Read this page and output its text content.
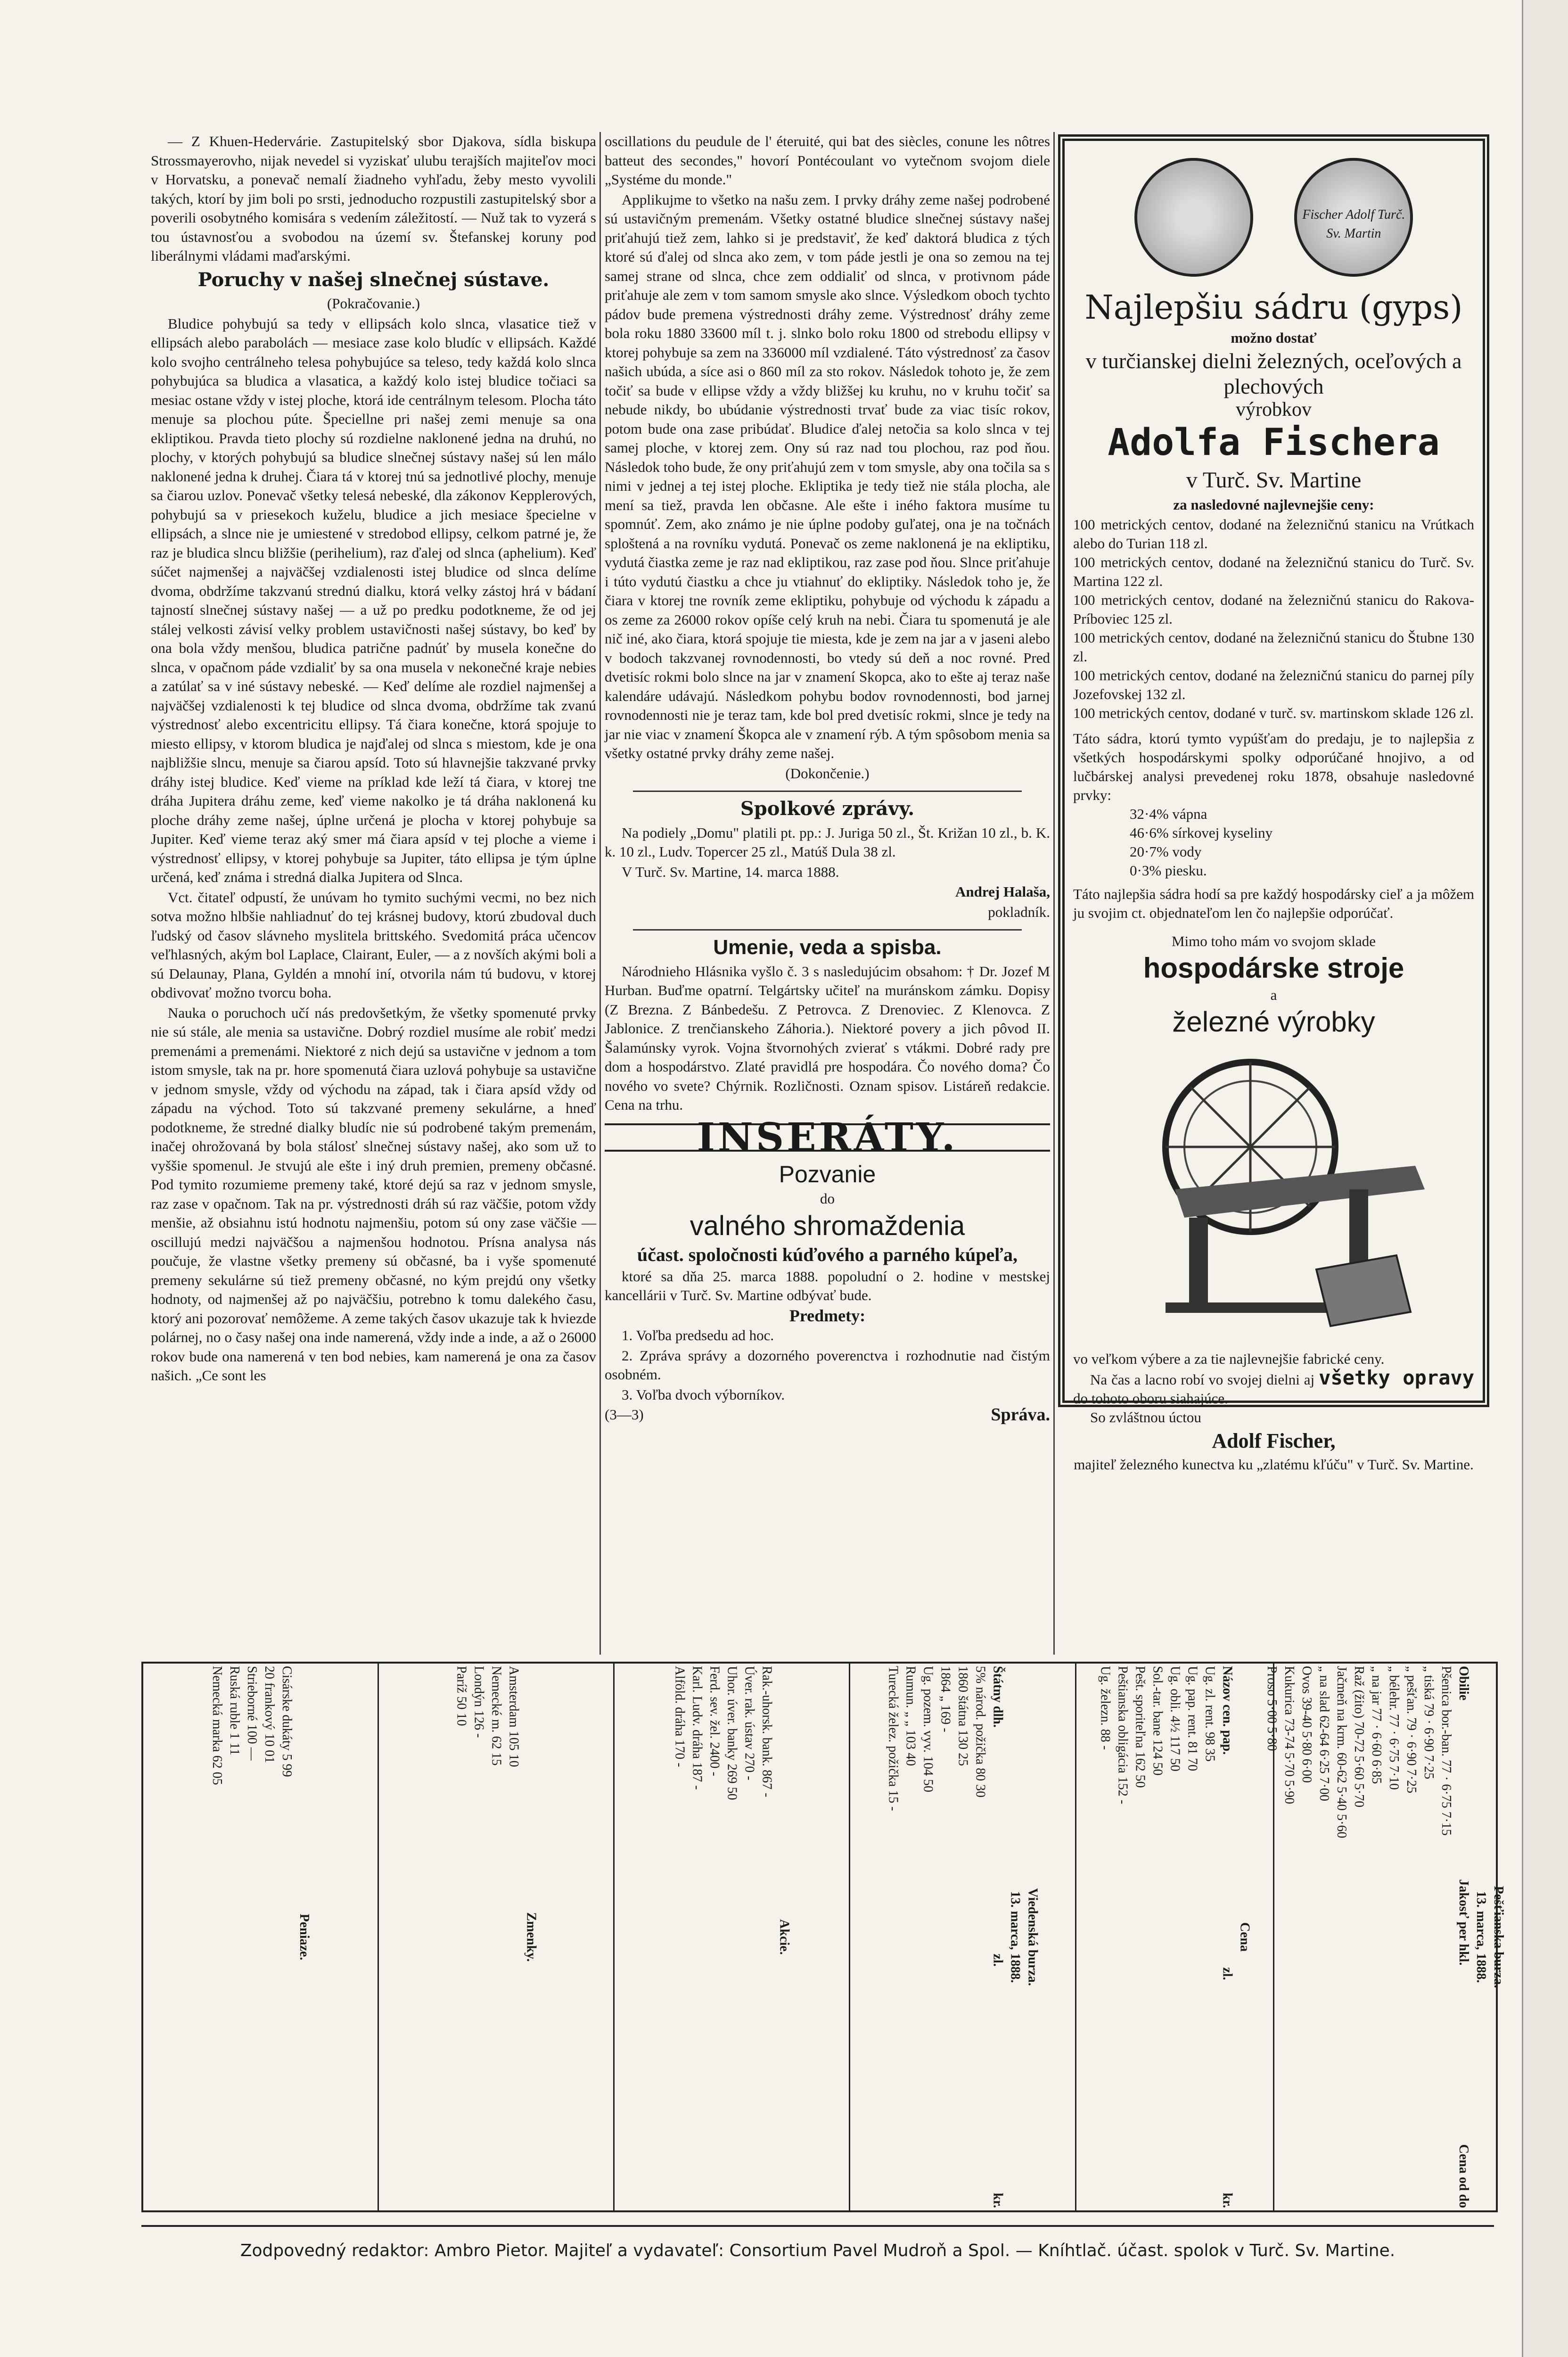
— Z Khuen-Hedervárie. Zastupitelský sbor Djakova, sídla biskupa Strossmayerovho, nijak nevedel si vyziskať ulubu terajších majiteľov moci v Horvatsku, a ponevač nemalí žiadneho vyhľadu, žeby mesto vyvolili takých, ktorí by jim boli po srsti, jednoducho rozpustili zastupitelský sbor a poverili osobytného komisára s vedením záležitostí. — Nuž tak to vyzerá s tou ústavnosťou a svobodou na území sv. Štefanskej koruny pod liberálnymi vládami maďarskými.

Poruchy v našej slnečnej sústave.

(Pokračovanie.)

Bludice pohybujú sa tedy v ellipsách kolo slnca, vlasatice tiež v ellipsách alebo parabolách — mesiace zase kolo bludíc v ellipsách. Každé kolo svojho centrálneho telesa pohybujúce sa teleso, tedy každá kolo slnca pohybujúca sa bludica a vlasatica, a každý kolo istej bludice točiaci sa mesiac ostane vždy v istej ploche, ktorá ide centrálnym telesom. Plocha táto menuje sa plochou púte. Špeciellne pri našej zemi menuje sa ona ekliptikou. Pravda tieto plochy sú rozdielne naklonené jedna na druhú, no plochy, v ktorých pohybujú sa bludice slnečnej sústavy našej sú len málo naklonené jedna k druhej. Čiara tá v ktorej tnú sa jednotlivé plochy, menuje sa čiarou uzlov. Ponevač všetky telesá nebeské, dla zákonov Kepplerových, pohybujú sa v priesekoch kuželu, bludice a jich mesiace špecielne v ellipsách, a slnce nie je umiestené v stredobod ellipsy, celkom patrné je, že raz je bludica slncu bližšie (perihelium), raz ďalej od slnca (aphelium). Keď súčet najmenšej a najväčšej vzdialenosti istej bludice od slnca delíme dvoma, obdržíme takzvanú strednú dialku, ktorá velky zástoj hrá v bádaní tajností slnečnej sústavy našej — a už po predku podotkneme, že od jej stálej velkosti závisí velky problem ustavičnosti našej sústavy, bo keď by ona bola vždy menšou, bludica patrične padnúť by musela konečne do slnca, v opačnom páde vzdialiť by sa ona musela v nekonečné kraje nebies a zatúlať sa v iné sústavy nebeské. — Keď delíme ale rozdiel najmenšej a najväčšej vzdialenosti k tej bludice od slnca dvoma, obdržíme tak zvanú výstrednosť alebo excentricitu ellipsy. Tá čiara konečne, ktorá spojuje to miesto ellipsy, v ktorom bludica je najďalej od slnca s miestom, kde je ona najbližšie slncu, menuje sa čiarou apsíd. Toto sú hlavnejšie takzvané prvky dráhy istej bludice. Keď vieme na príklad kde leží tá čiara, v ktorej tne dráha Jupitera dráhu zeme, keď vieme nakolko je tá dráha naklonená ku ploche dráhy zeme našej, úplne určená je plocha v ktorej pohybuje sa Jupiter. Keď vieme teraz aký smer má čiara apsíd v tej ploche a vieme i výstrednosť ellipsy, v ktorej pohybuje sa Jupiter, táto ellipsa je tým úplne určená, keď známa i stredná dialka Jupitera od Slnca.

Vct. čitateľ odpustí, že unúvam ho tymito suchými vecmi, no bez nich sotva možno hlbšie nahliadnuť do tej krásnej budovy, ktorú zbudoval duch ľudský od časov slávneho myslitela brittského. Svedomitá práca učencov veľhlasných, akým bol Laplace, Clairant, Euler, — a z novších akými boli a sú Delaunay, Plana, Gyldén a mnohí iní, otvorila nám tú budovu, v ktorej obdivovať možno tvorcu boha.

Nauka o poruchoch učí nás predovšetkým, že všetky spomenuté prvky nie sú stále, ale menia sa ustavične. Dobrý rozdiel musíme ale robiť medzi premenámi a premenámi. Niektoré z nich dejú sa ustavične v jednom a tom istom smysle, tak na pr. hore spomenutá čiara uzlová pohybuje sa ustavične v jednom smysle, vždy od východu na západ, tak i čiara apsíd vždy od západu na východ. Toto sú takzvané premeny sekulárne, a hneď podotkneme, že stredné dialky bludíc nie sú podrobené takým premenám, inačej ohrožovaná by bola stálosť slnečnej sústavy našej, ako som už to vyššie spomenul. Je stvujú ale ešte i iný druh premien, premeny občasné. Pod tymito rozumieme premeny také, ktoré dejú sa raz v jednom smysle, raz zase v opačnom. Tak na pr. výstrednosti dráh sú raz väčšie, potom vždy menšie, až obsiahnu istú hodnotu najmenšiu, potom sú ony zase väčšie — oscillujú medzi najväčšou a najmenšou hodnotou. Prísna analysa nás poučuje, že vlastne všetky premeny sú občasné, ba i vyše spomenuté premeny sekulárne sú tiež premeny občasné, no kým prejdú ony všetky hodnoty, od najmenšej až po najväčšiu, potrebno k tomu dalekého času, ktorý ani pozorovať nemôžeme. A zeme takých časov ukazuje tak k hviezde polárnej, no o časy našej ona inde namerená, vždy inde a inde, a až o 26000 rokov bude ona namerená v ten bod nebies, kam namerená je ona za časov našich. „Ce sont les

oscillations du peudule de l' éteruité, qui bat des siècles, conune les nôtres batteut des secondes," hovorí Pontécoulant vo vytečnom svojom diele „Systéme du monde."

Applikujme to všetko na našu zem. I prvky dráhy zeme našej podrobené sú ustavičným premenám. Všetky ostatné bludice slnečnej sústavy našej priťahujú tiež zem, lahko si je predstaviť, že keď daktorá bludica z tých ktoré sú ďalej od slnca ako zem, v tom páde jestli je ona so zemou na tej samej strane od slnca, chce zem oddialiť od slnca, v protivnom páde priťahuje ale zem v tom samom smysle ako slnce. Výsledkom oboch tychto pádov bude premena výstrednosti dráhy zeme. Výstrednosť dráhy zeme bola roku 1880 33600 míl t. j. slnko bolo roku 1800 od strebodu ellipsy v ktorej pohybuje sa zem na 336000 míl vzdialené. Táto výstrednosť za časov našich ubúda, a síce asi o 860 míl za sto rokov. Následok tohoto je, že zem točiť sa bude v ellipse vždy a vždy bližšej ku kruhu, no v kruhu točiť sa nebude nikdy, bo ubúdanie výstrednosti trvať bude za viac tisíc rokov, potom bude ona zase pribúdať. Bludice ďalej netočia sa kolo slnca v tej samej ploche, v ktorej zem. Ony sú raz nad tou plochou, raz pod ňou. Následok toho bude, že ony priťahujú zem v tom smysle, aby ona točila sa s nimi v jednej a tej istej ploche. Ekliptika je tedy tiež nie stála plocha, ale mení sa tiež, pravda len občasne. Ale ešte i iného faktora musíme tu spomnúť. Zem, ako známo je nie úplne podoby guľatej, ona je na točnách sploštená a na rovníku vydutá. Ponevač os zeme naklonená je na ekliptiku, vydutá čiastka zeme je raz nad ekliptikou, raz zase pod ňou. Slnce priťahuje i túto vydutú čiastku a chce ju vtiahnuť do ekliptiky. Následok toho je, že čiara v ktorej tne rovník zeme ekliptiku, pohybuje od východu k západu a os zeme za 26000 rokov opíše celý kruh na nebi. Čiara tu spomenutá je ale nič iné, ako čiara, ktorá spojuje tie miesta, kde je zem na jar a v jaseni alebo v bodoch takzvanej rovnodennosti, bo vtedy sú deň a noc rovné. Pred dvetisíc rokmi bolo slnce na jar v znamení Skopca, ako to ešte aj teraz naše kalendáre udávajú. Následkom pohybu bodov rovnodennosti, bod jarnej rovnodennosti nie je teraz tam, kde bol pred dvetisíc rokmi, slnce je tedy na jar nie viac v znamení Škopca ale v znamení rýb. A tým spôsobom menia sa všetky ostatné prvky dráhy zeme našej.

(Dokončenie.)

Spolkové zprávy.

Na podiely „Domu" platili pt. pp.: J. Juriga 50 zl., Št. Križan 10 zl., b. K. k. 10 zl., Ludv. Topercer 25 zl., Matúš Dula 38 zl.

V Turč. Sv. Martine, 14. marca 1888.

Andrej Halaša,

pokladník.

Umenie, veda a spisba.

Národnieho Hlásnika vyšlo č. 3 s nasledujúcim obsahom: † Dr. Jozef M Hurban. Buďme opatrní. Telgártsky učiteľ na muránskom zámku. Dopisy (Z Brezna. Z Bánbedešu. Z Petrovca. Z Drenoviec. Z Klenovca. Z Jablonice. Z trenčianskeho Záhoria.). Niektoré povery a jich pôvod II. Šalamúnsky vyrok. Vojna štvornohých zvierať s vtákmi. Dobré rady pre dom a hospodárstvo. Zlaté pravidlá pre hospodára. Čo nového doma? Čo nového vo svete? Chýrnik. Rozličnosti. Oznam spisov. Listáreň redakcie. Cena na trhu.

INSERÁTY.

Pozvanie

do

valného shromaždenia

účast. spoločnosti kúďového a parného kúpeľa,

ktoré sa dňa 25. marca 1888. popoludní o 2. hodine v mestskej kancellárii v Turč. Sv. Martine odbývať bude.

Predmety:

1. Voľba predsedu ad hoc.

2. Zpráva správy a dozorného poverenctva i rozhodnutie nad čistým osobném.

3. Voľba dvoch výborníkov.

(3—3)	Správa.

Fischer Adolf Turč. Sv. Martin
Najlepšiu sádru (gyps)
možno dostať
v turčianskej dielni železných, oceľových a plechových
výrobkov
Adolfa Fischera
v Turč. Sv. Martine
za nasledovné najlevnejšie ceny:
100 metrických centov, dodané na železničnú stanicu na Vrútkach alebo do Turian 118 zl.
100 metrických centov, dodané na železničnú stanicu do Turč. Sv. Martina 122 zl.
100 metrických centov, dodané na železničnú stanicu do Rakova-Príboviec 125 zl.
100 metrických centov, dodané na železničnú stanicu do Štubne 130 zl.
100 metrických centov, dodané na železničnú stanicu do parnej píly Jozefovskej 132 zl.
100 metrických centov, dodané v turč. sv. martinskom sklade 126 zl.
Táto sádra, ktorú tymto vypúšťam do predaju, je to najlepšia z všetkých hospodárskymi spolky odporúčané hnojivo, a od lučbárskej analysi prevedenej roku 1878, obsahuje nasledovné prvky:
32·4% vápna
46·6% sírkovej kyseliny
20·7% vody
0·3% piesku.
Táto najlepšia sádra hodí sa pre každý hospodársky cieľ a ja môžem ju svojim ct. objednateľom len čo najlepšie odporúčať.
Mimo toho mám vo svojom sklade
hospodárske stroje
a
železné výrobky
vo veľkom výbere a za tie najlevnejšie fabrické ceny.
Na čas a lacno robí vo svojej dielni aj všetky opravy do tohoto oboru siahajúce.
So zvláštnou úctou
Adolf Fischer,
majiteľ železného kunectva ku „zlatému kľúču" v Turč. Sv. Martine.
Pešťianska burza.
13. marca, 1888.
Obilie
Jakosť per hkl.
Cena od do
Pšenica bor.-ban. 77 · 6·75 7·15
„ tiská 79 · 6·90 7·25
„ pešťan. 79 · 6·90 7·25
„ bélehr. 77 · 6·75 7·10
„ na jar 77 · 6·60 6·85
Raž (žito) 70-72 5·60 5·70
Jačmeň na krm. 60-62 5·40 5·60
„ na slad 62-64 6·25 7·00
Ovos 39-40 5·80 6·00
Kukurica 73-74 5·70 5·90
Proso 5·00 5·80
Cena
Názov cen. pap.
zl.
kr.
Ug. zl. rent. 98 35
Ug. pap. rent. 81 70
Ug. obli. 4½ 117 50
Sol.-tar. bane 124 50
Pešt. sporiteľna 162 50
Peštianska obligácia 152 -
Ug. železn. 88 -
Viedenská burza.
13. marca, 1888.
Štátny dlh.
zl.
kr.
5% národ. požička 80 30
1860 štátna 130 25
1864 „ 169 -
Ug. pozem. vyv. 104 50
Rumun. „ „ 103 40
Turecká želez. požička 15 -
Akcie.
Rak.-uhorsk. bank. 867 -
Úver. rak. ústav 270 -
Uhor. úver. banky 269 50
Ferd. sev. žel. 2400 -
Karl. Ludv. dráha 187 -
Alföld. dráha 170 -
Zmenky.
Amsterdam 105 10
Nemecké m. 62 15
Londýn 126 -
Paríž 50 10
Peniaze.
Cisárske dukáty 5 99
20 frankový 10 01
Strieborné 100 —
Ruská ruble 1 11
Nemecká marka 62 05
Zodpovedný redaktor: Ambro Pietor. Majiteľ a vydavateľ: Consortium Pavel Mudroň a Spol. — Kníhtlač. účast. spolok v Turč. Sv. Martine.
